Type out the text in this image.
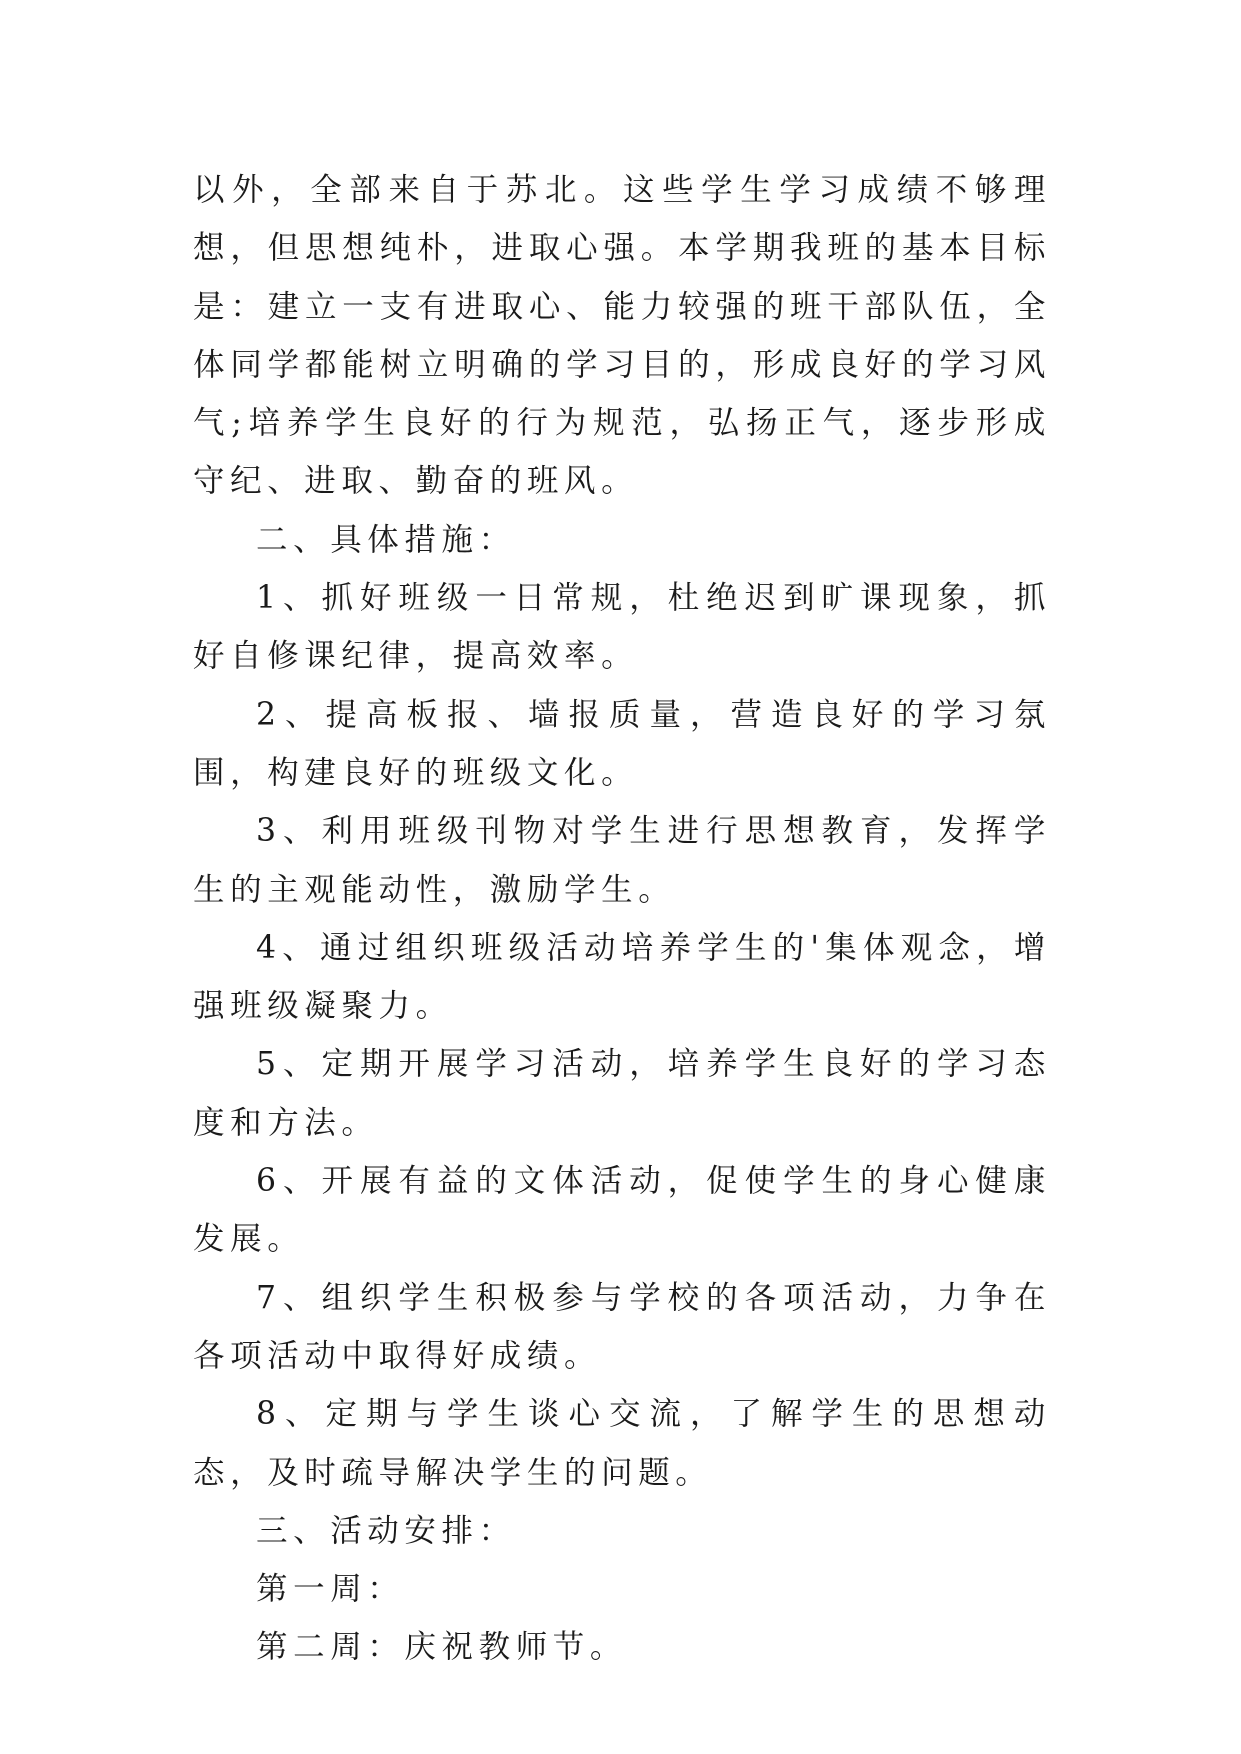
以外，全部来自于苏北。这些学生学习成绩不够理想，但思想纯朴，进取心强。本学期我班的基本目标是：建立一支有进取心、能力较强的班干部队伍，全体同学都能树立明确的学习目的，形成良好的学习风气;培养学生良好的行为规范，弘扬正气，逐步形成守纪、进取、勤奋的班风。

二、具体措施：

1、抓好班级一日常规，杜绝迟到旷课现象，抓好自修课纪律，提高效率。

2、提高板报、墙报质量，营造良好的学习氛围，构建良好的班级文化。

3、利用班级刊物对学生进行思想教育，发挥学生的主观能动性，激励学生。

4、通过组织班级活动培养学生的'集体观念，增强班级凝聚力。

5、定期开展学习活动，培养学生良好的学习态度和方法。

6、开展有益的文体活动，促使学生的身心健康发展。

7、组织学生积极参与学校的各项活动，力争在各项活动中取得好成绩。

8、定期与学生谈心交流，了解学生的思想动态，及时疏导解决学生的问题。

三、活动安排：

第一周：

第二周：庆祝教师节。
